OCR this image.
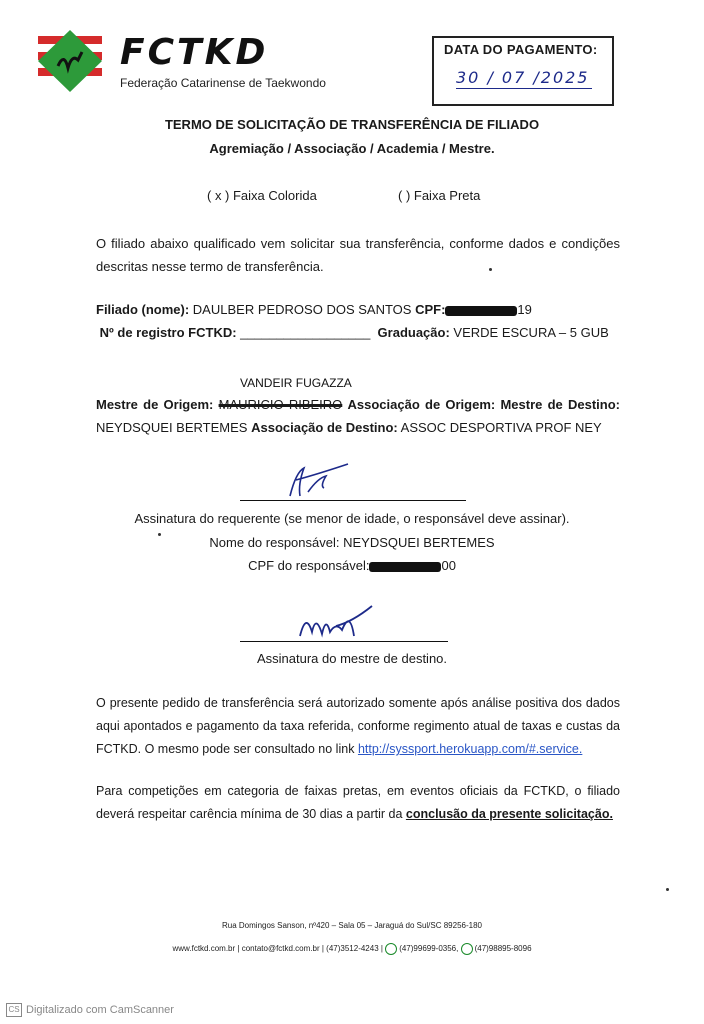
FCTKD
Federação Catarinense de Taekwondo
DATA DO PAGAMENTO:
30 / 07 /2025
TERMO DE SOLICITAÇÃO DE TRANSFERÊNCIA DE FILIADO
Agremiação / Associação / Academia / Mestre.
( x ) Faixa Colorida	( ) Faixa Preta
O filiado abaixo qualificado vem solicitar sua transferência, conforme dados e condições descritas nesse termo de transferência.
Filiado (nome): DAULBER PEDROSO DOS SANTOS CPF:	19
Nº de registro FCTKD: __________________ Graduação: VERDE ESCURA – 5 GUB
VANDEIR FUGAZZA
Mestre de Origem: MAURICIO RIBEIRO Associação de Origem: Mestre de Destino: NEYDSQUEI BERTEMES Associação de Destino: ASSOC DESPORTIVA PROF NEY
Assinatura do requerente (se menor de idade, o responsável deve assinar).
Nome do responsável: NEYDSQUEI BERTEMES
CPF do responsável:	00
Assinatura do mestre de destino.
O presente pedido de transferência será autorizado somente após análise positiva dos dados aqui apontados e pagamento da taxa referida, conforme regimento atual de taxas e custas da FCTKD. O mesmo pode ser consultado no link http://syssport.herokuapp.com/#.service.
Para competições em categoria de faixas pretas, em eventos oficiais da FCTKD, o filiado deverá respeitar carência mínima de 30 dias a partir da conclusão da presente solicitação.
Rua Domingos Sanson, nº420 – Sala 05 – Jaraguá do Sul/SC 89256-180
www.fctkd.com.br | contato@fctkd.com.br | (47)3512-4243 | (47)99699-0356, (47)98895-8096
CS Digitalizado com CamScanner
